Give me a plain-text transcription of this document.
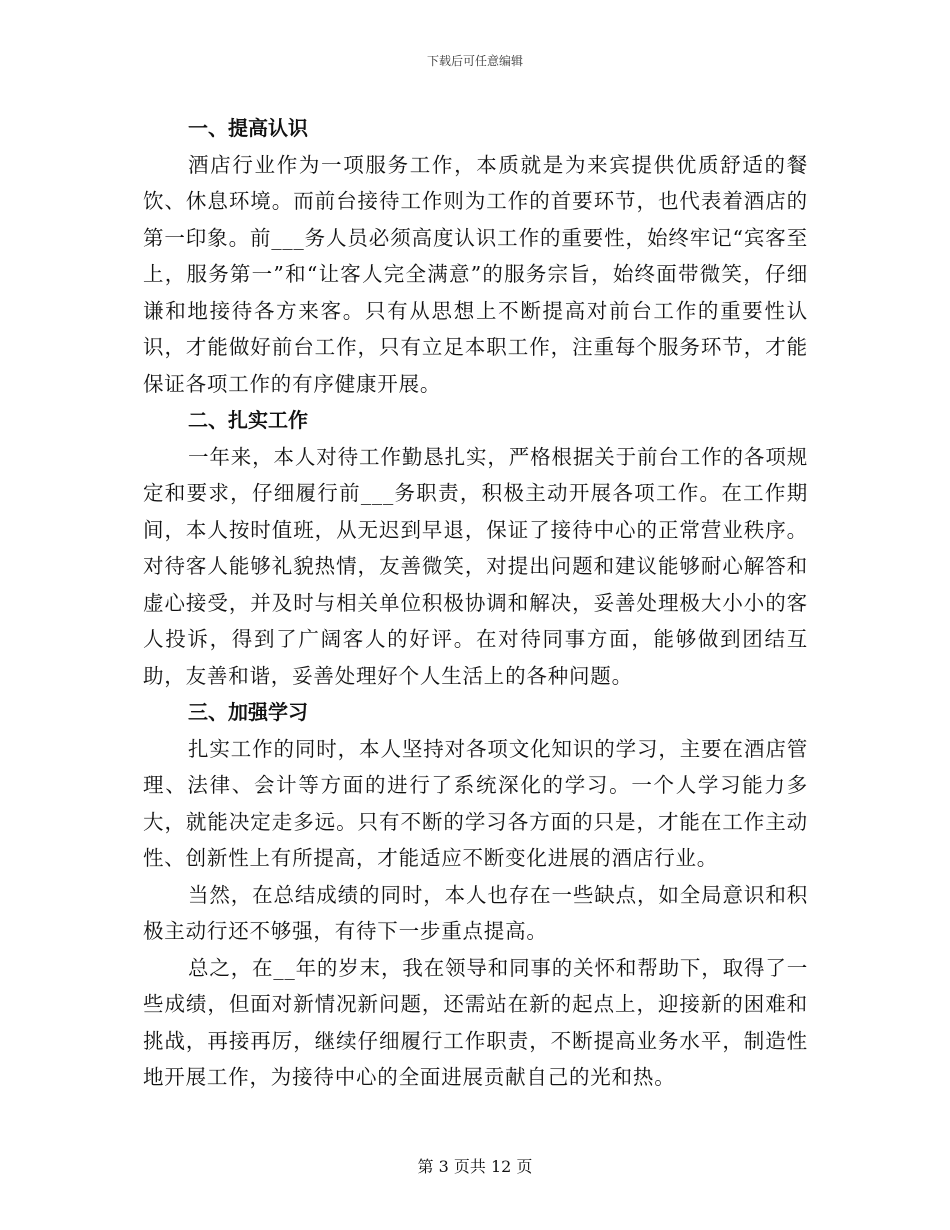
下载后可任意编辑
一、提高认识

酒店行业作为一项服务工作，本质就是为来宾提供优质舒适的餐饮、休息环境。而前台接待工作则为工作的首要环节，也代表着酒店的第一印象。前___务人员必须高度认识工作的重要性，始终牢记“宾客至上，服务第一”和“让客人完全满意”的服务宗旨，始终面带微笑，仔细谦和地接待各方来客。只有从思想上不断提高对前台工作的重要性认识，才能做好前台工作，只有立足本职工作，注重每个服务环节，才能保证各项工作的有序健康开展。

二、扎实工作

一年来，本人对待工作勤恳扎实，严格根据关于前台工作的各项规定和要求，仔细履行前___务职责，积极主动开展各项工作。在工作期间，本人按时值班，从无迟到早退，保证了接待中心的正常营业秩序。对待客人能够礼貌热情，友善微笑，对提出问题和建议能够耐心解答和虚心接受，并及时与相关单位积极协调和解决，妥善处理极大小小的客人投诉，得到了广阔客人的好评。在对待同事方面，能够做到团结互助，友善和谐，妥善处理好个人生活上的各种问题。

三、加强学习

扎实工作的同时，本人坚持对各项文化知识的学习，主要在酒店管理、法律、会计等方面的进行了系统深化的学习。一个人学习能力多大，就能决定走多远。只有不断的学习各方面的只是，才能在工作主动性、创新性上有所提高，才能适应不断变化进展的酒店行业。

当然，在总结成绩的同时，本人也存在一些缺点，如全局意识和积极主动行还不够强，有待下一步重点提高。

总之，在__年的岁末，我在领导和同事的关怀和帮助下，取得了一些成绩，但面对新情况新问题，还需站在新的起点上，迎接新的困难和挑战，再接再厉，继续仔细履行工作职责，不断提高业务水平，制造性地开展工作，为接待中心的全面进展贡献自己的光和热。

第 3 页共 12 页
